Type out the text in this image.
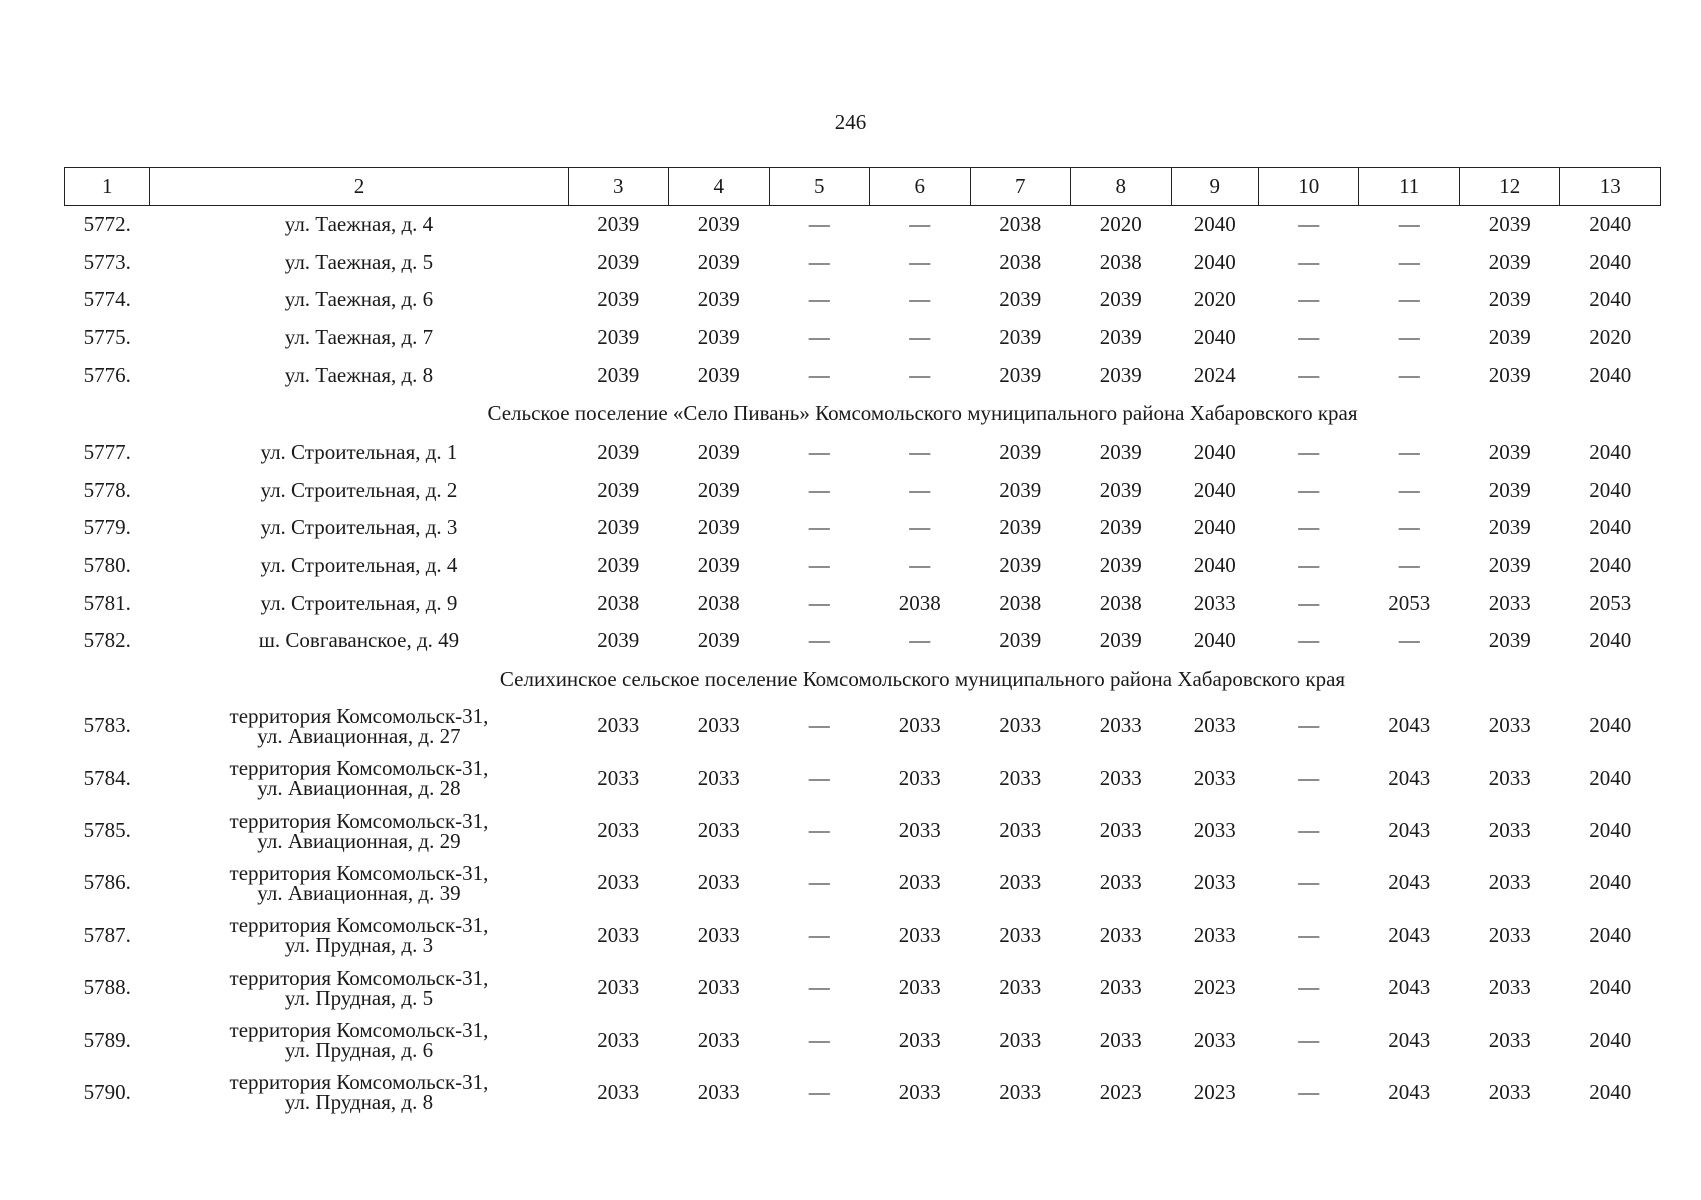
246
1	2	3	4	5	6	7	8	9	10	11	12	13
5772.	ул. Таежная, д. 4	2039	2039	—	—	2038	2020	2040	—	—	2039	2040
5773.	ул. Таежная, д. 5	2039	2039	—	—	2038	2038	2040	—	—	2039	2040
5774.	ул. Таежная, д. 6	2039	2039	—	—	2039	2039	2020	—	—	2039	2040
5775.	ул. Таежная, д. 7	2039	2039	—	—	2039	2039	2040	—	—	2039	2020
5776.	ул. Таежная, д. 8	2039	2039	—	—	2039	2039	2024	—	—	2039	2040
Сельское поселение «Село Пивань» Комсомольского муниципального района Хабаровского края												
5777.	ул. Строительная, д. 1	2039	2039	—	—	2039	2039	2040	—	—	2039	2040
5778.	ул. Строительная, д. 2	2039	2039	—	—	2039	2039	2040	—	—	2039	2040
5779.	ул. Строительная, д. 3	2039	2039	—	—	2039	2039	2040	—	—	2039	2040
5780.	ул. Строительная, д. 4	2039	2039	—	—	2039	2039	2040	—	—	2039	2040
5781.	ул. Строительная, д. 9	2038	2038	—	2038	2038	2038	2033	—	2053	2033	2053
5782.	ш. Совгаванское, д. 49	2039	2039	—	—	2039	2039	2040	—	—	2039	2040
Селихинское сельское поселение Комсомольского муниципального района Хабаровского края												
5783.	территория Комсомольск-31,
ул. Авиационная, д. 27	2033	2033	—	2033	2033	2033	2033	—	2043	2033	2040
5784.	территория Комсомольск-31,
ул. Авиационная, д. 28	2033	2033	—	2033	2033	2033	2033	—	2043	2033	2040
5785.	территория Комсомольск-31,
ул. Авиационная, д. 29	2033	2033	—	2033	2033	2033	2033	—	2043	2033	2040
5786.	территория Комсомольск-31,
ул. Авиационная, д. 39	2033	2033	—	2033	2033	2033	2033	—	2043	2033	2040
5787.	территория Комсомольск-31,
ул. Прудная, д. 3	2033	2033	—	2033	2033	2033	2033	—	2043	2033	2040
5788.	территория Комсомольск-31,
ул. Прудная, д. 5	2033	2033	—	2033	2033	2033	2023	—	2043	2033	2040
5789.	территория Комсомольск-31,
ул. Прудная, д. 6	2033	2033	—	2033	2033	2033	2033	—	2043	2033	2040
5790.	территория Комсомольск-31,
ул. Прудная, д. 8	2033	2033	—	2033	2033	2023	2023	—	2043	2033	2040
